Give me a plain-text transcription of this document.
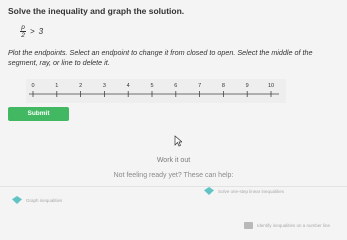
Solve the inequality and graph the solution.
$\frac{p}{2} > 3$
Plot the endpoints. Select an endpoint to change it from closed to open. Select the middle of the segment, ray, or line to delete it.
0	1	2	3	4	5	6	7	8	9	10
Submit
Work it out
Not feeling ready yet? These can help:
Graph inequalities
Solve one-step linear inequalities
Identify inequalities on a number line
